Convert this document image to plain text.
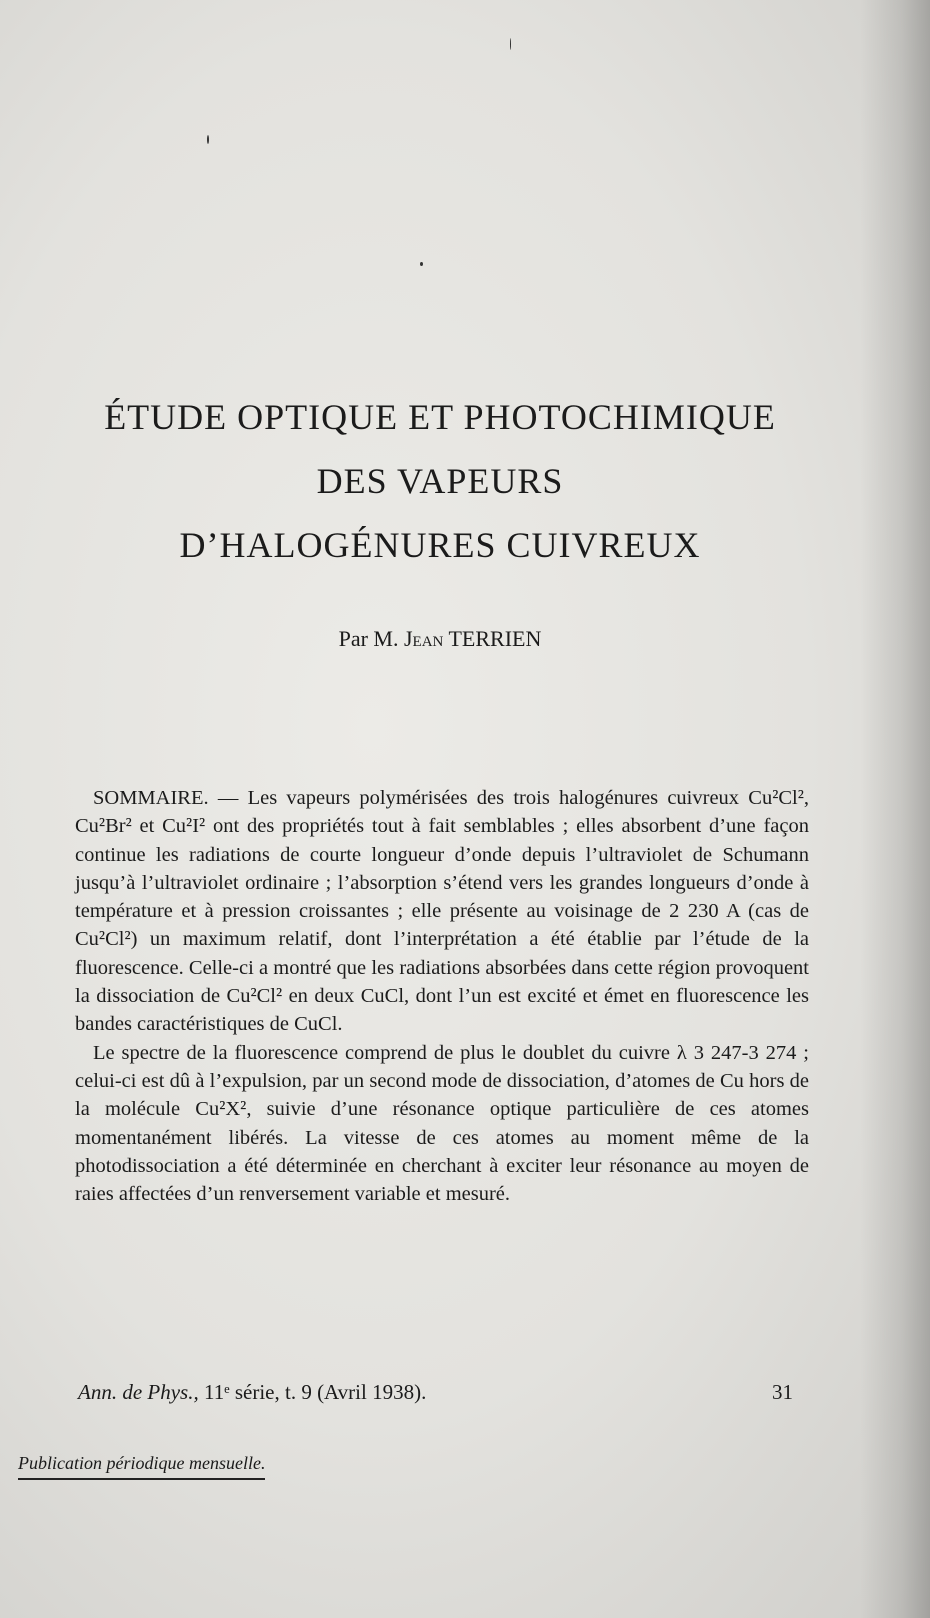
ÉTUDE OPTIQUE ET PHOTOCHIMIQUE
DES VAPEURS
D’HALOGÉNURES CUIVREUX
Par M. Jean TERRIEN

SOMMAIRE. — Les vapeurs polymérisées des trois halogénures cuivreux Cu²Cl², Cu²Br² et Cu²I² ont des propriétés tout à fait semblables ; elles absorbent d’une façon continue les radiations de courte longueur d’onde depuis l’ultraviolet de Schumann jusqu’à l’ultraviolet ordinaire ; l’absorption s’étend vers les grandes longueurs d’onde à température et à pression croissantes ; elle présente au voisinage de 2 230 A (cas de Cu²Cl²) un maximum relatif, dont l’interprétation a été établie par l’étude de la fluorescence. Celle-ci a montré que les radiations absorbées dans cette région provoquent la dissociation de Cu²Cl² en deux CuCl, dont l’un est excité et émet en fluorescence les bandes caractéristiques de CuCl.

Le spectre de la fluorescence comprend de plus le doublet du cuivre λ 3 247-3 274 ; celui-ci est dû à l’expulsion, par un second mode de dissociation, d’atomes de Cu hors de la molécule Cu²X², suivie d’une résonance optique particulière de ces atomes momentanément libérés. La vitesse de ces atomes au moment même de la photodissociation a été déterminée en cherchant à exciter leur résonance au moyen de raies affectées d’un renversement variable et mesuré.

Ann. de Phys., 11ᵉ série, t. 9 (Avril 1938).	31
Publication périodique mensuelle.
